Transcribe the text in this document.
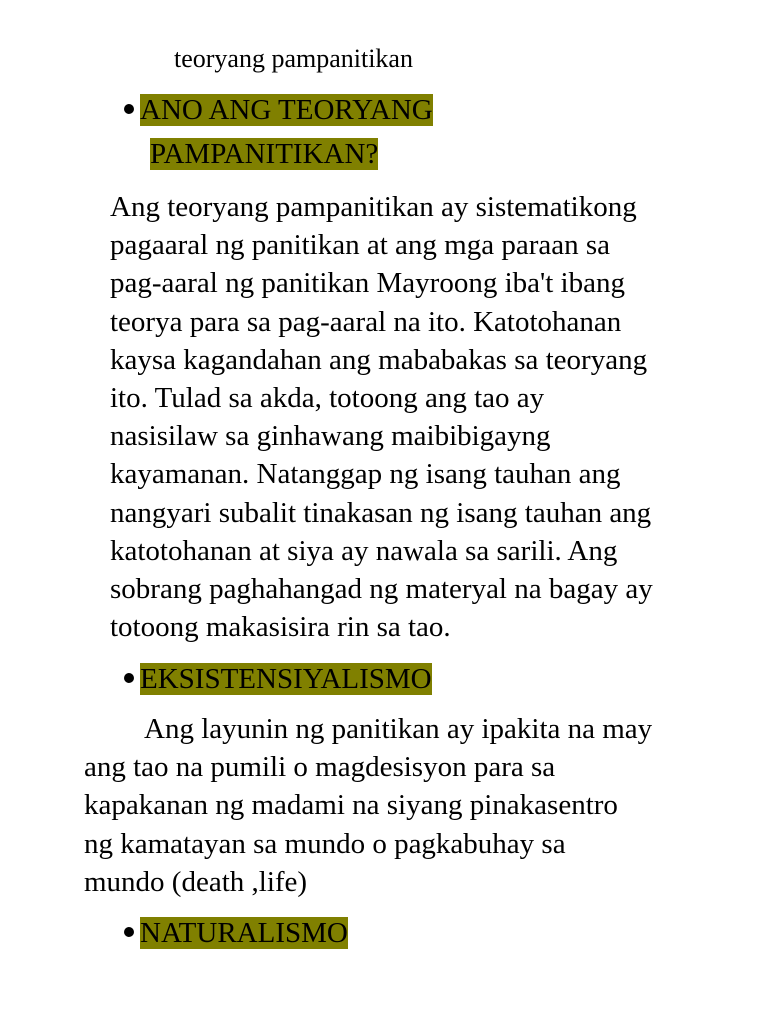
teoryang pampanitikan
ANO ANG TEORYANG
PAMPANITIKAN?
Ang teoryang pampanitikan ay sistematikong
pagaaral ng panitikan at ang mga paraan sa
pag-aaral ng panitikan Mayroong iba't ibang
teorya para sa pag-aaral na ito. Katotohanan
kaysa kagandahan ang mababakas sa teoryang
ito. Tulad sa akda, totoong ang tao ay
nasisilaw sa ginhawang maibibigayng
kayamanan. Natanggap ng isang tauhan ang
nangyari subalit tinakasan ng isang tauhan ang
katotohanan at siya ay nawala sa sarili. Ang
sobrang paghahangad ng materyal na bagay ay
totoong makasisira rin sa tao.
EKSISTENSIYALISMO
Ang layunin ng panitikan ay ipakita na may
ang tao na pumili o magdesisyon para sa
kapakanan ng madami na siyang pinakasentro
ng kamatayan sa mundo o pagkabuhay sa
mundo (death ,life)
NATURALISMO
